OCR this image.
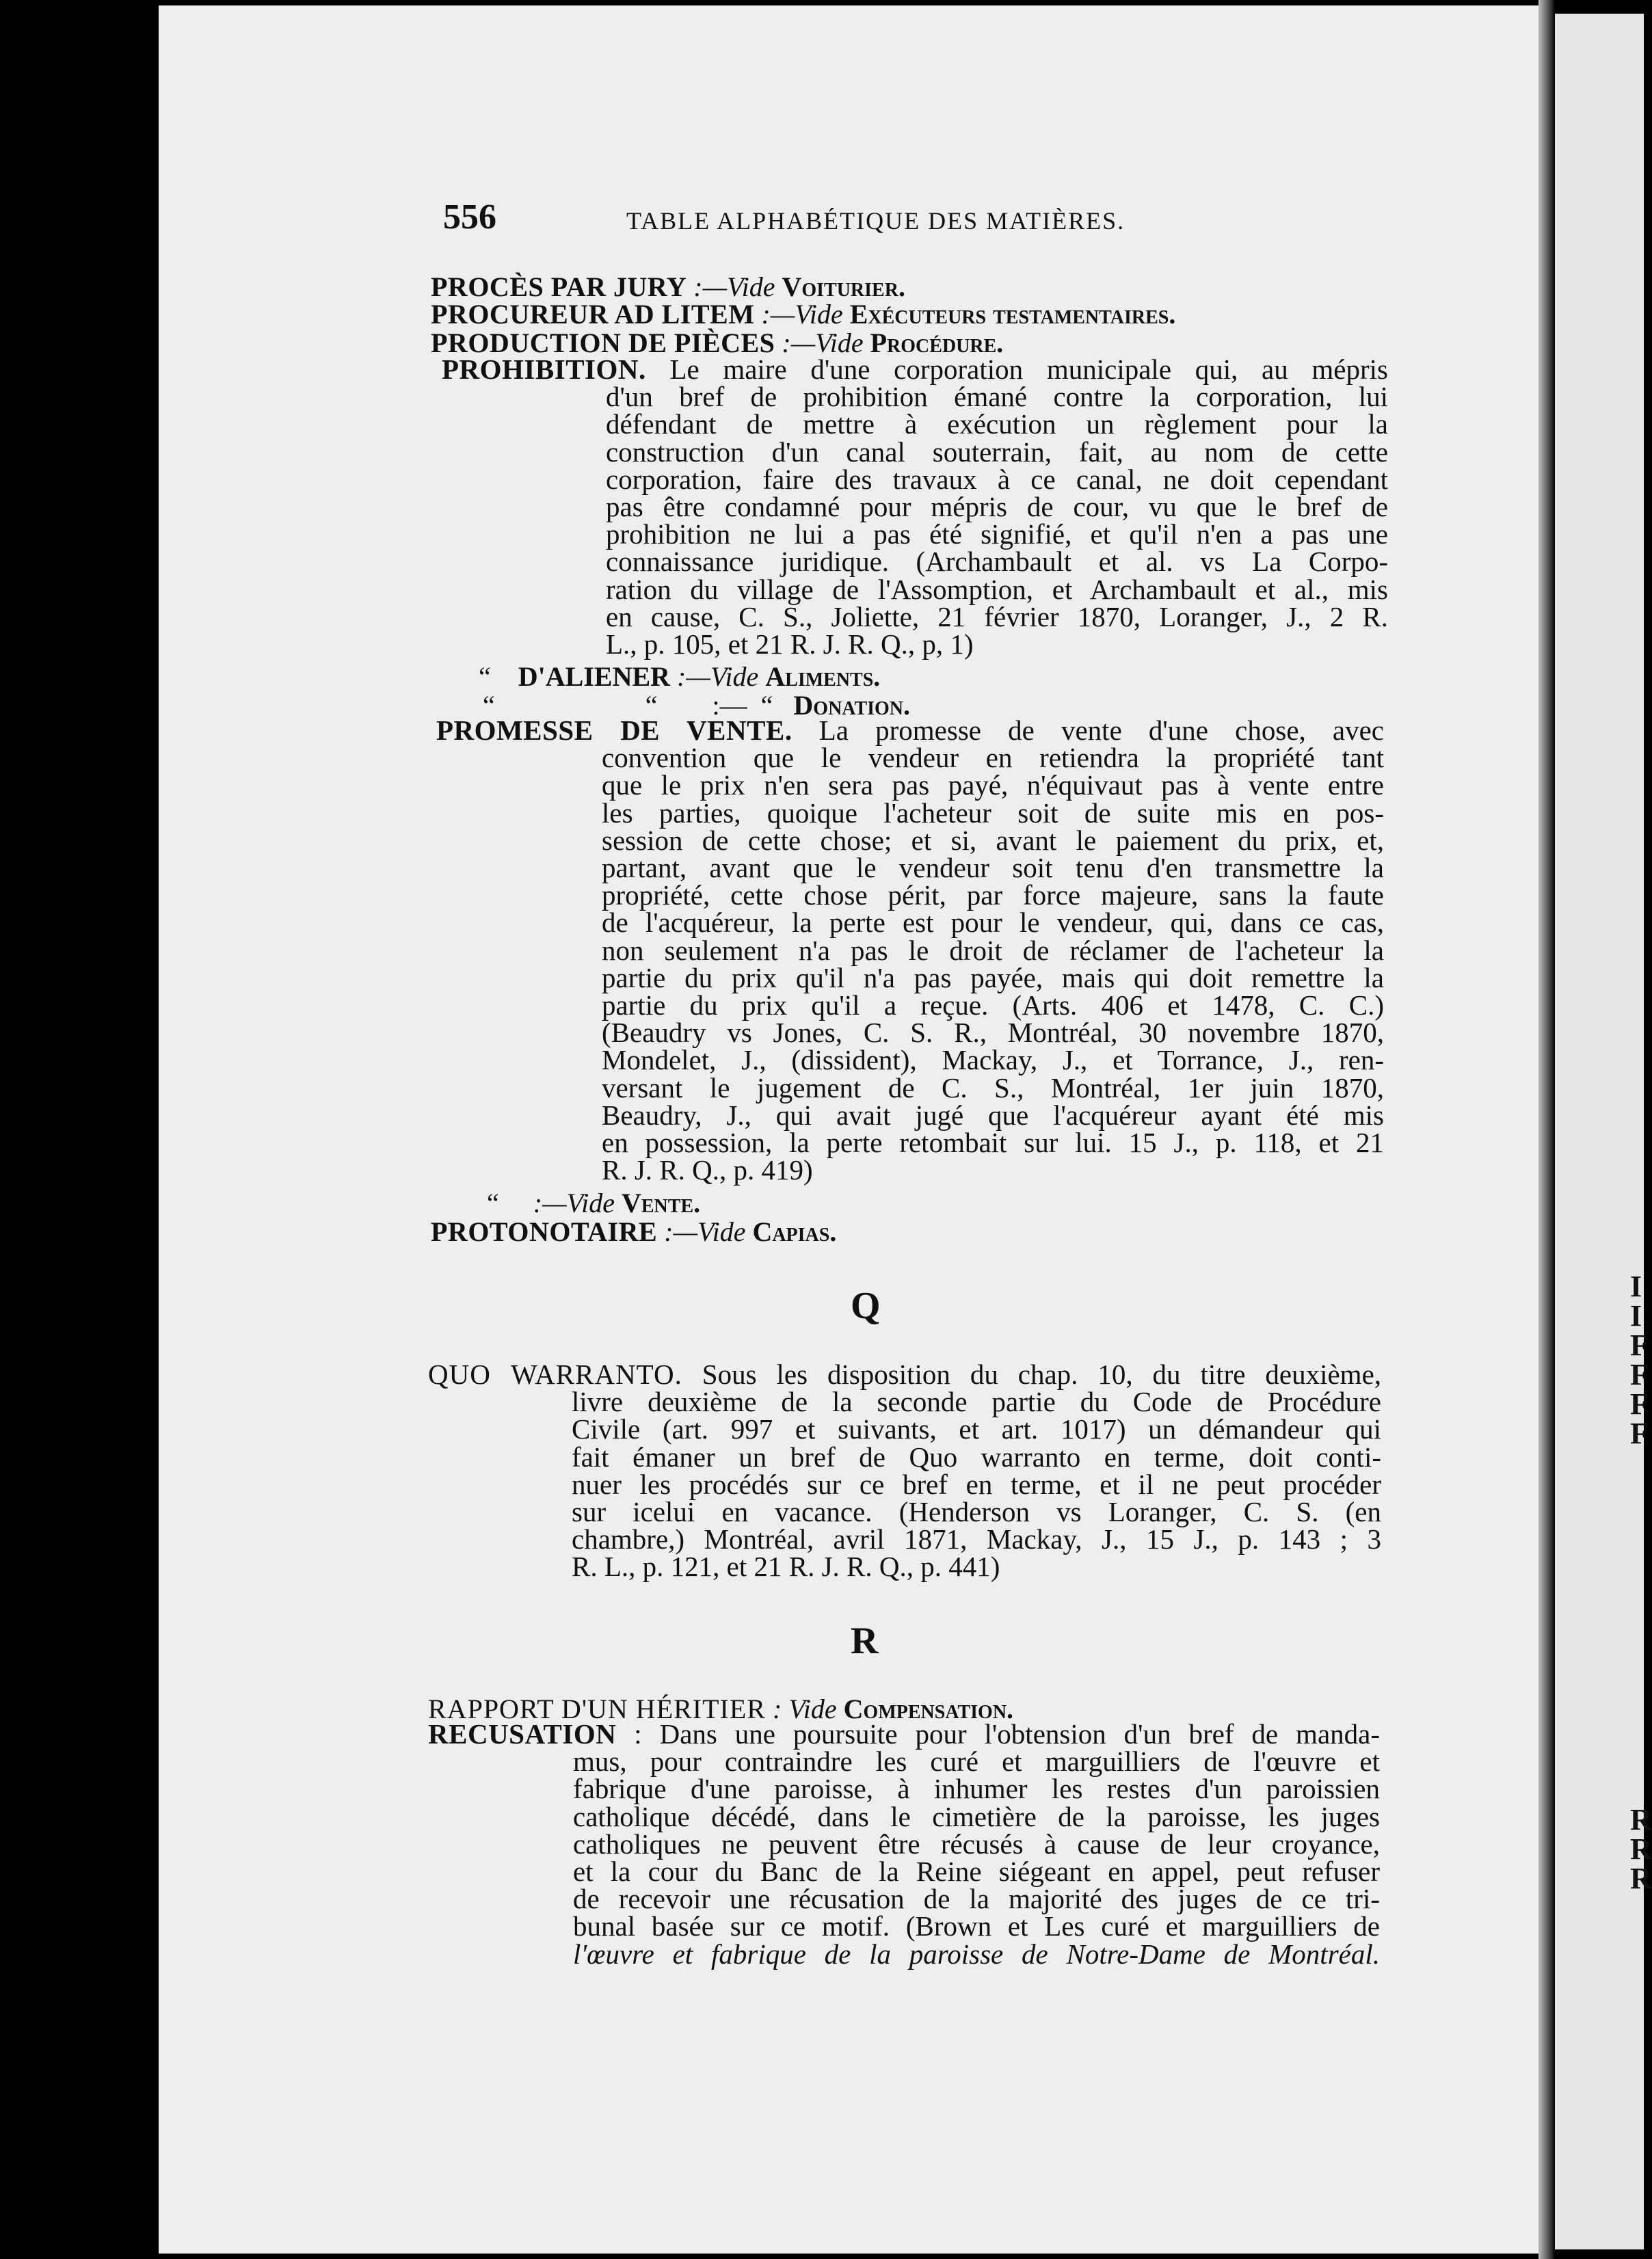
I
I
F
F
F
F
R
R
R
556	TABLE ALPHABÉTIQUE DES MATIÈRES.
PROCÈS PAR JURY :—Vide Voiturier.
PROCUREUR AD LITEM :—Vide Exécuteurs testamentaires.
PRODUCTION DE PIÈCES :—Vide Procédure.
PROHIBITION. Le maire d'une corporation municipale qui, au mépris
d'un bref de prohibition émané contre la corporation, lui
défendant de mettre à exécution un règlement pour la
construction d'un canal souterrain, fait, au nom de cette
corporation, faire des travaux à ce canal, ne doit cependant
pas être condamné pour mépris de cour, vu que le bref de
prohibition ne lui a pas été signifié, et qu'il n'en a pas une
connaissance juridique. (Archambault et al. vs La Corpo-
ration du village de l'Assomption, et Archambault et al., mis
en cause, C. S., Joliette, 21 février 1870, Loranger, J., 2 R.
L., p. 105, et 21 R. J. R. Q., p, 1)
“ D'ALIENER :—Vide Aliments.
“	“ :— “ Donation.
PROMESSE DE VENTE. La promesse de vente d'une chose, avec
convention que le vendeur en retiendra la propriété tant
que le prix n'en sera pas payé, n'équivaut pas à vente entre
les parties, quoique l'acheteur soit de suite mis en pos-
session de cette chose; et si, avant le paiement du prix, et,
partant, avant que le vendeur soit tenu d'en transmettre la
propriété, cette chose périt, par force majeure, sans la faute
de l'acquéreur, la perte est pour le vendeur, qui, dans ce cas,
non seulement n'a pas le droit de réclamer de l'acheteur la
partie du prix qu'il n'a pas payée, mais qui doit remettre la
partie du prix qu'il a reçue. (Arts. 406 et 1478, C. C.)
(Beaudry vs Jones, C. S. R., Montréal, 30 novembre 1870,
Mondelet, J., (dissident), Mackay, J., et Torrance, J., ren-
versant le jugement de C. S., Montréal, 1er juin 1870,
Beaudry, J., qui avait jugé que l'acquéreur ayant été mis
en possession, la perte retombait sur lui. 15 J., p. 118, et 21
R. J. R. Q., p. 419)
“ :—Vide Vente.
PROTONOTAIRE :—Vide Capias.
Q
QUO WARRANTO. Sous les disposition du chap. 10, du titre deuxième,
livre deuxième de la seconde partie du Code de Procédure
Civile (art. 997 et suivants, et art. 1017) un démandeur qui
fait émaner un bref de Quo warranto en terme, doit conti-
nuer les procédés sur ce bref en terme, et il ne peut procéder
sur icelui en vacance. (Henderson vs Loranger, C. S. (en
chambre,) Montréal, avril 1871, Mackay, J., 15 J., p. 143 ; 3
R. L., p. 121, et 21 R. J. R. Q., p. 441)
R
RAPPORT D'UN HÉRITIER : Vide Compensation.
RECUSATION : Dans une poursuite pour l'obtension d'un bref de manda-
mus, pour contraindre les curé et marguilliers de l'œuvre et
fabrique d'une paroisse, à inhumer les restes d'un paroissien
catholique décédé, dans le cimetière de la paroisse, les juges
catholiques ne peuvent être récusés à cause de leur croyance,
et la cour du Banc de la Reine siégeant en appel, peut refuser
de recevoir une récusation de la majorité des juges de ce tri-
bunal basée sur ce motif. (Brown et Les curé et marguilliers de
l'œuvre et fabrique de la paroisse de Notre-Dame de Montréal.
